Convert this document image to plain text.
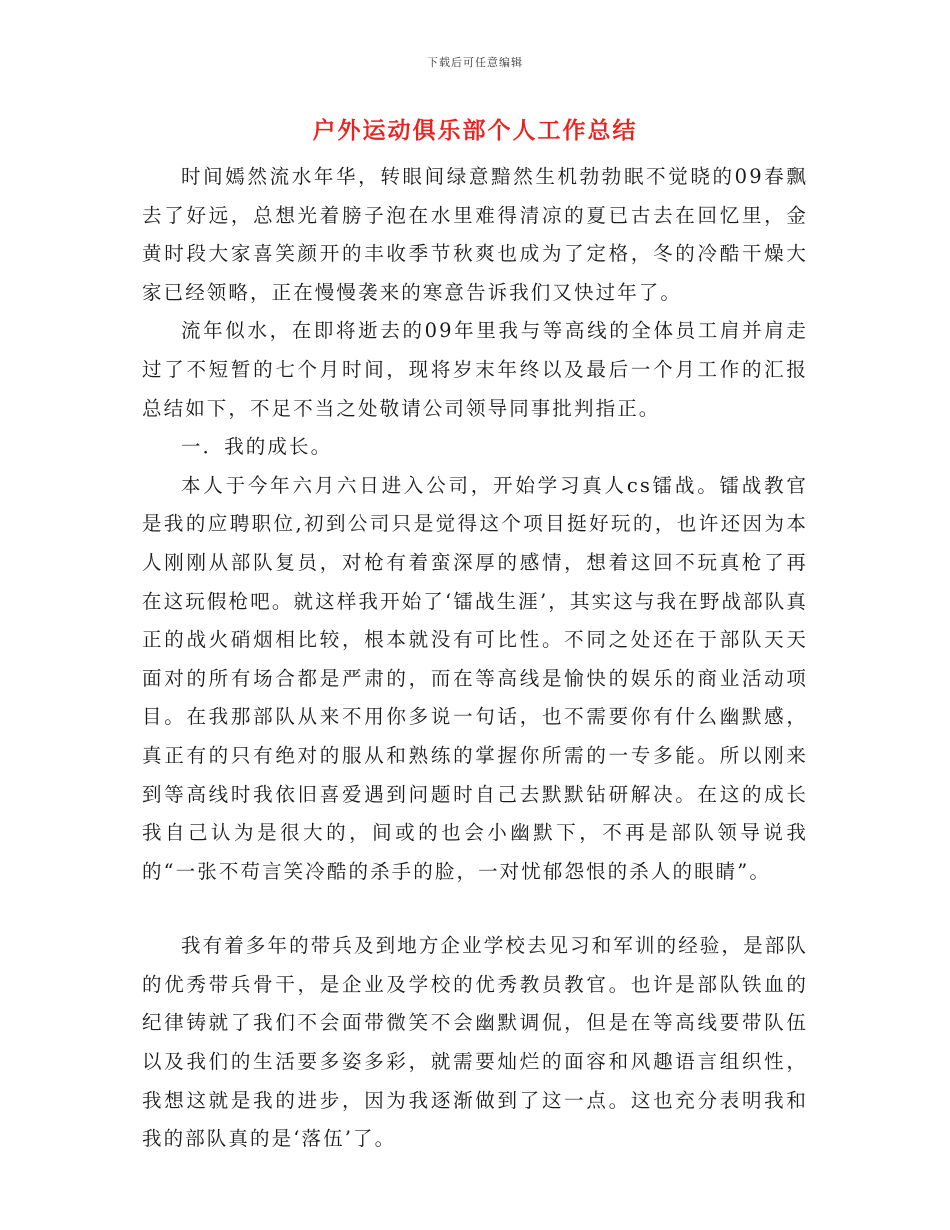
下载后可任意编辑
户外运动俱乐部个人工作总结

时间嫣然流水年华，转眼间绿意黯然生机勃勃眠不觉晓的09春飘去了好远，总想光着膀子泡在水里难得清凉的夏已古去在回忆里，金黄时段大家喜笑颜开的丰收季节秋爽也成为了定格，冬的冷酷干燥大家已经领略，正在慢慢袭来的寒意告诉我们又快过年了。

流年似水，在即将逝去的09年里我与等高线的全体员工肩并肩走过了不短暂的七个月时间，现将岁末年终以及最后一个月工作的汇报总结如下，不足不当之处敬请公司领导同事批判指正。

一．我的成长。

本人于今年六月六日进入公司，开始学习真人cs镭战。镭战教官是我的应聘职位,初到公司只是觉得这个项目挺好玩的，也许还因为本人刚刚从部队复员，对枪有着蛮深厚的感情，想着这回不玩真枪了再在这玩假枪吧。就这样我开始了‘镭战生涯’，其实这与我在野战部队真正的战火硝烟相比较，根本就没有可比性。不同之处还在于部队天天面对的所有场合都是严肃的，而在等高线是愉快的娱乐的商业活动项目。在我那部队从来不用你多说一句话，也不需要你有什么幽默感，真正有的只有绝对的服从和熟练的掌握你所需的一专多能。所以刚来到等高线时我依旧喜爱遇到问题时自己去默默钻研解决。在这的成长我自己认为是很大的，间或的也会小幽默下，不再是部队领导说我的“一张不苟言笑冷酷的杀手的脸，一对忧郁怨恨的杀人的眼睛”。

我有着多年的带兵及到地方企业学校去见习和军训的经验，是部队的优秀带兵骨干，是企业及学校的优秀教员教官。也许是部队铁血的纪律铸就了我们不会面带微笑不会幽默调侃，但是在等高线要带队伍以及我们的生活要多姿多彩，就需要灿烂的面容和风趣语言组织性，我想这就是我的进步，因为我逐渐做到了这一点。这也充分表明我和我的部队真的是‘落伍’了。
